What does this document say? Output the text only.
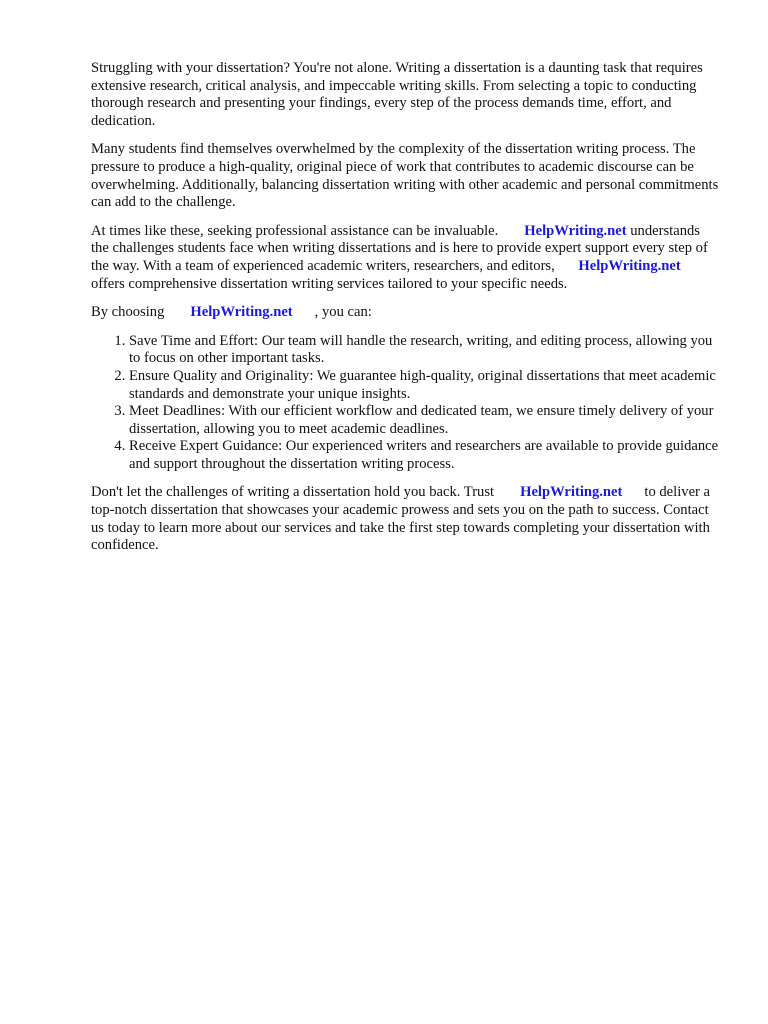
Struggling with your dissertation? You're not alone. Writing a dissertation is a daunting task that requires extensive research, critical analysis, and impeccable writing skills. From selecting a topic to conducting thorough research and presenting your findings, every step of the process demands time, effort, and dedication.

Many students find themselves overwhelmed by the complexity of the dissertation writing process. The pressure to produce a high-quality, original piece of work that contributes to academic discourse can be overwhelming. Additionally, balancing dissertation writing with other academic and personal commitments can add to the challenge.

At times like these, seeking professional assistance can be invaluable. HelpWriting.net understands the challenges students face when writing dissertations and is here to provide expert support every step of the way. With a team of experienced academic writers, researchers, and editors, HelpWriting.net offers comprehensive dissertation writing services tailored to your specific needs.

By choosing HelpWriting.net , you can:

1. Save Time and Effort: Our team will handle the research, writing, and editing process, allowing you to focus on other important tasks.
2. Ensure Quality and Originality: We guarantee high-quality, original dissertations that meet academic standards and demonstrate your unique insights.
3. Meet Deadlines: With our efficient workflow and dedicated team, we ensure timely delivery of your dissertation, allowing you to meet academic deadlines.
4. Receive Expert Guidance: Our experienced writers and researchers are available to provide guidance and support throughout the dissertation writing process.

Don't let the challenges of writing a dissertation hold you back. Trust HelpWriting.net to deliver a top-notch dissertation that showcases your academic prowess and sets you on the path to success. Contact us today to learn more about our services and take the first step towards completing your dissertation with confidence.
